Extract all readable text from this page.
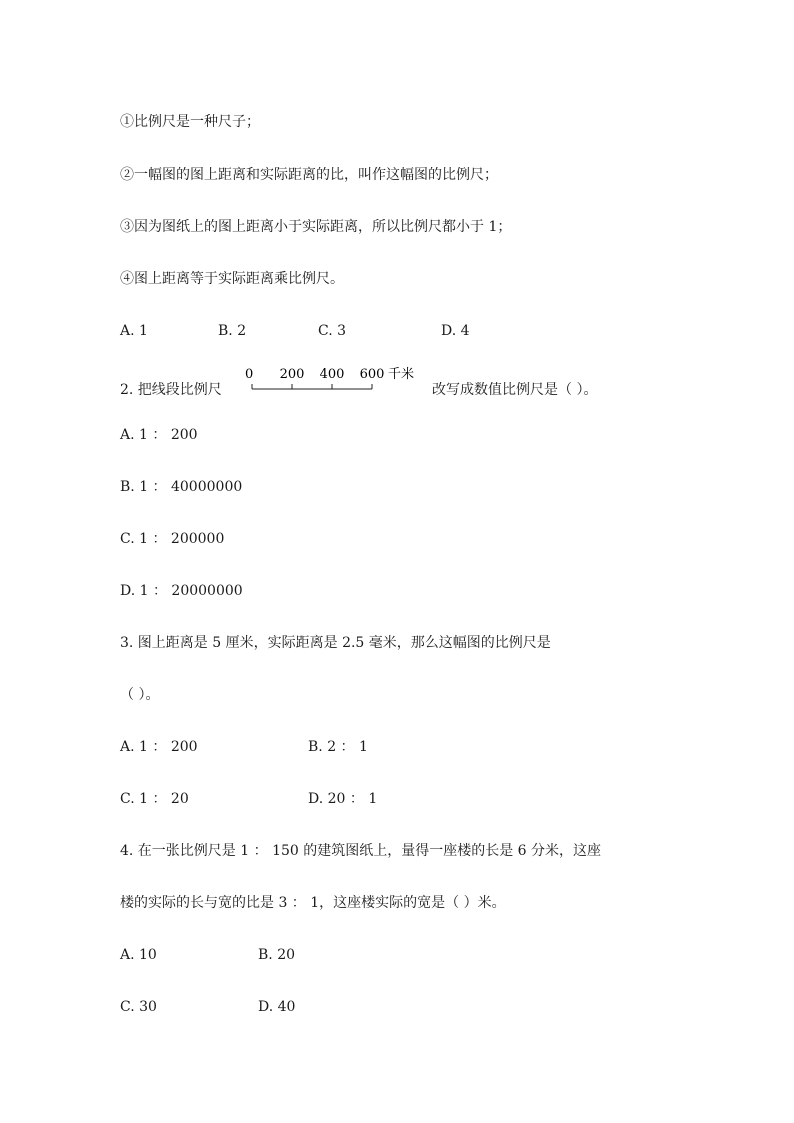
①比例尺是一种尺子；
②一幅图的图上距离和实际距离的比，叫作这幅图的比例尺；
③因为图纸上的图上距离小于实际距离，所以比例尺都小于 1；
④图上距离等于实际距离乘比例尺。
A. 1	B. 2	C. 3	D. 4
2. 把线段比例尺
0 200 400 600 千米
改写成数值比例尺是（ ）。
A. 1 ： 200
B. 1 ： 40000000
C. 1 ： 200000
D. 1 ： 20000000
3. 图上距离是 5 厘米，实际距离是 2.5 毫米，那么这幅图的比例尺是
（ ）。
A. 1 ： 200	B. 2 ： 1
C. 1 ： 20	D. 20 ： 1
4. 在一张比例尺是 1 ： 150 的建筑图纸上，量得一座楼的长是 6 分米，这座
楼的实际的长与宽的比是 3 ： 1，这座楼实际的宽是（ ）米。
A. 10	B. 20
C. 30	D. 40
